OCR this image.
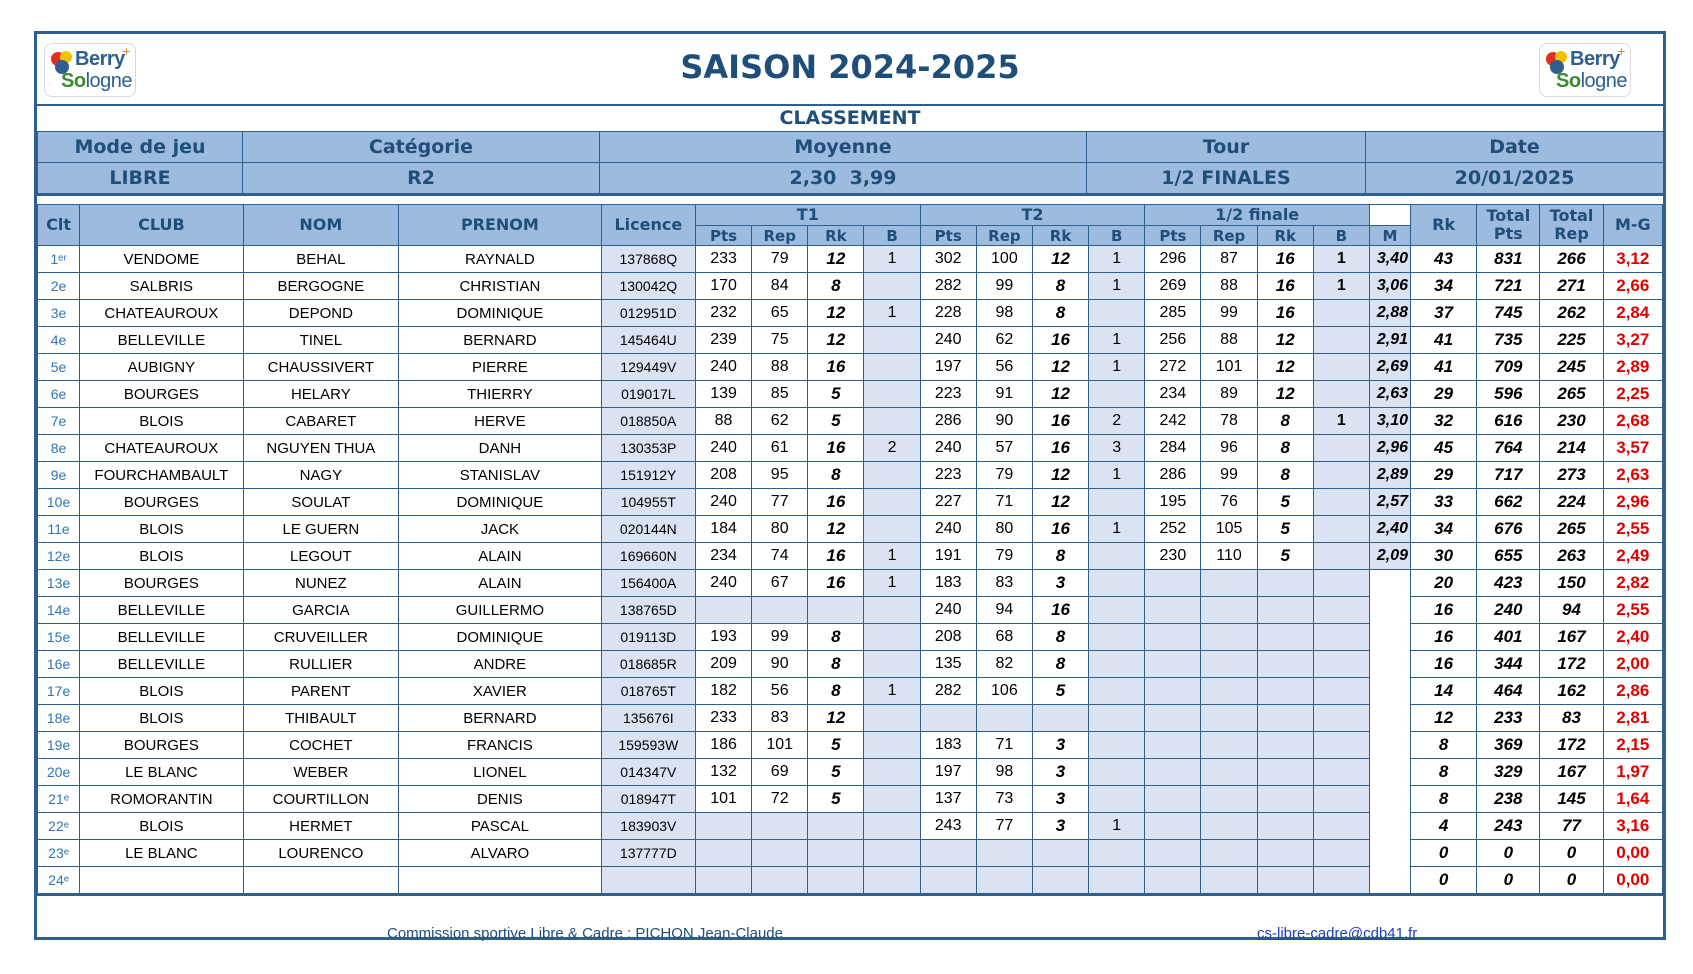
Berry
Sologne
+	SAISON 2024-2025	Berry
Sologne
+
CLASSEMENT
Mode de jeu	Catégorie	Moyenne	Tour	Date
LIBRE	R2	2,30  3,99	1/2 FINALES	20/01/2025
Clt	CLUB	NOM	PRENOM	Licence	T1				T2				1/2 finale					Rk	Total Pts	Total Rep	M-G
					Pts	Rep	Rk	B	Pts	Rep	Rk	B	Pts	Rep	Rk	B	M				
1ᵉʳ	VENDOME	BEHAL	RAYNALD	137868Q	233	79	12	1	302	100	12	1	296	87	16	1	3,40	43	831	266	3,12
2e	SALBRIS	BERGOGNE	CHRISTIAN	130042Q	170	84	8		282	99	8	1	269	88	16	1	3,06	34	721	271	2,66
3e	CHATEAUROUX	DEPOND	DOMINIQUE	012951D	232	65	12	1	228	98	8		285	99	16		2,88	37	745	262	2,84
4e	BELLEVILLE	TINEL	BERNARD	145464U	239	75	12		240	62	16	1	256	88	12		2,91	41	735	225	3,27
5e	AUBIGNY	CHAUSSIVERT	PIERRE	129449V	240	88	16		197	56	12	1	272	101	12		2,69	41	709	245	2,89
6e	BOURGES	HELARY	THIERRY	019017L	139	85	5		223	91	12		234	89	12		2,63	29	596	265	2,25
7e	BLOIS	CABARET	HERVE	018850A	88	62	5		286	90	16	2	242	78	8	1	3,10	32	616	230	2,68
8e	CHATEAUROUX	NGUYEN THUA	DANH	130353P	240	61	16	2	240	57	16	3	284	96	8		2,96	45	764	214	3,57
9e	FOURCHAMBAULT	NAGY	STANISLAV	151912Y	208	95	8		223	79	12	1	286	99	8		2,89	29	717	273	2,63
10e	BOURGES	SOULAT	DOMINIQUE	104955T	240	77	16		227	71	12		195	76	5		2,57	33	662	224	2,96
11e	BLOIS	LE GUERN	JACK	020144N	184	80	12		240	80	16	1	252	105	5		2,40	34	676	265	2,55
12e	BLOIS	LEGOUT	ALAIN	169660N	234	74	16	1	191	79	8		230	110	5		2,09	30	655	263	2,49
13e	BOURGES	NUNEZ	ALAIN	156400A	240	67	16	1	183	83	3							20	423	150	2,82
14e	BELLEVILLE	GARCIA	GUILLERMO	138765D					240	94	16							16	240	94	2,55
15e	BELLEVILLE	CRUVEILLER	DOMINIQUE	019113D	193	99	8		208	68	8							16	401	167	2,40
16e	BELLEVILLE	RULLIER	ANDRE	018685R	209	90	8		135	82	8							16	344	172	2,00
17e	BLOIS	PARENT	XAVIER	018765T	182	56	8	1	282	106	5							14	464	162	2,86
18e	BLOIS	THIBAULT	BERNARD	135676I	233	83	12											12	233	83	2,81
19e	BOURGES	COCHET	FRANCIS	159593W	186	101	5		183	71	3							8	369	172	2,15
20e	LE BLANC	WEBER	LIONEL	014347V	132	69	5		197	98	3							8	329	167	1,97
21ᵉ	ROMORANTIN	COURTILLON	DENIS	018947T	101	72	5		137	73	3							8	238	145	1,64
22ᵉ	BLOIS	HERMET	PASCAL	183903V					243	77	3	1						4	243	77	3,16
23ᵉ	LE BLANC	LOURENCO	ALVARO	137777D														0	0	0	0,00
24ᵉ																		0	0	0	0,00
Commission sportive Libre & Cadre : PICHON Jean-Claude	cs-libre-cadre@cdb41.fr
